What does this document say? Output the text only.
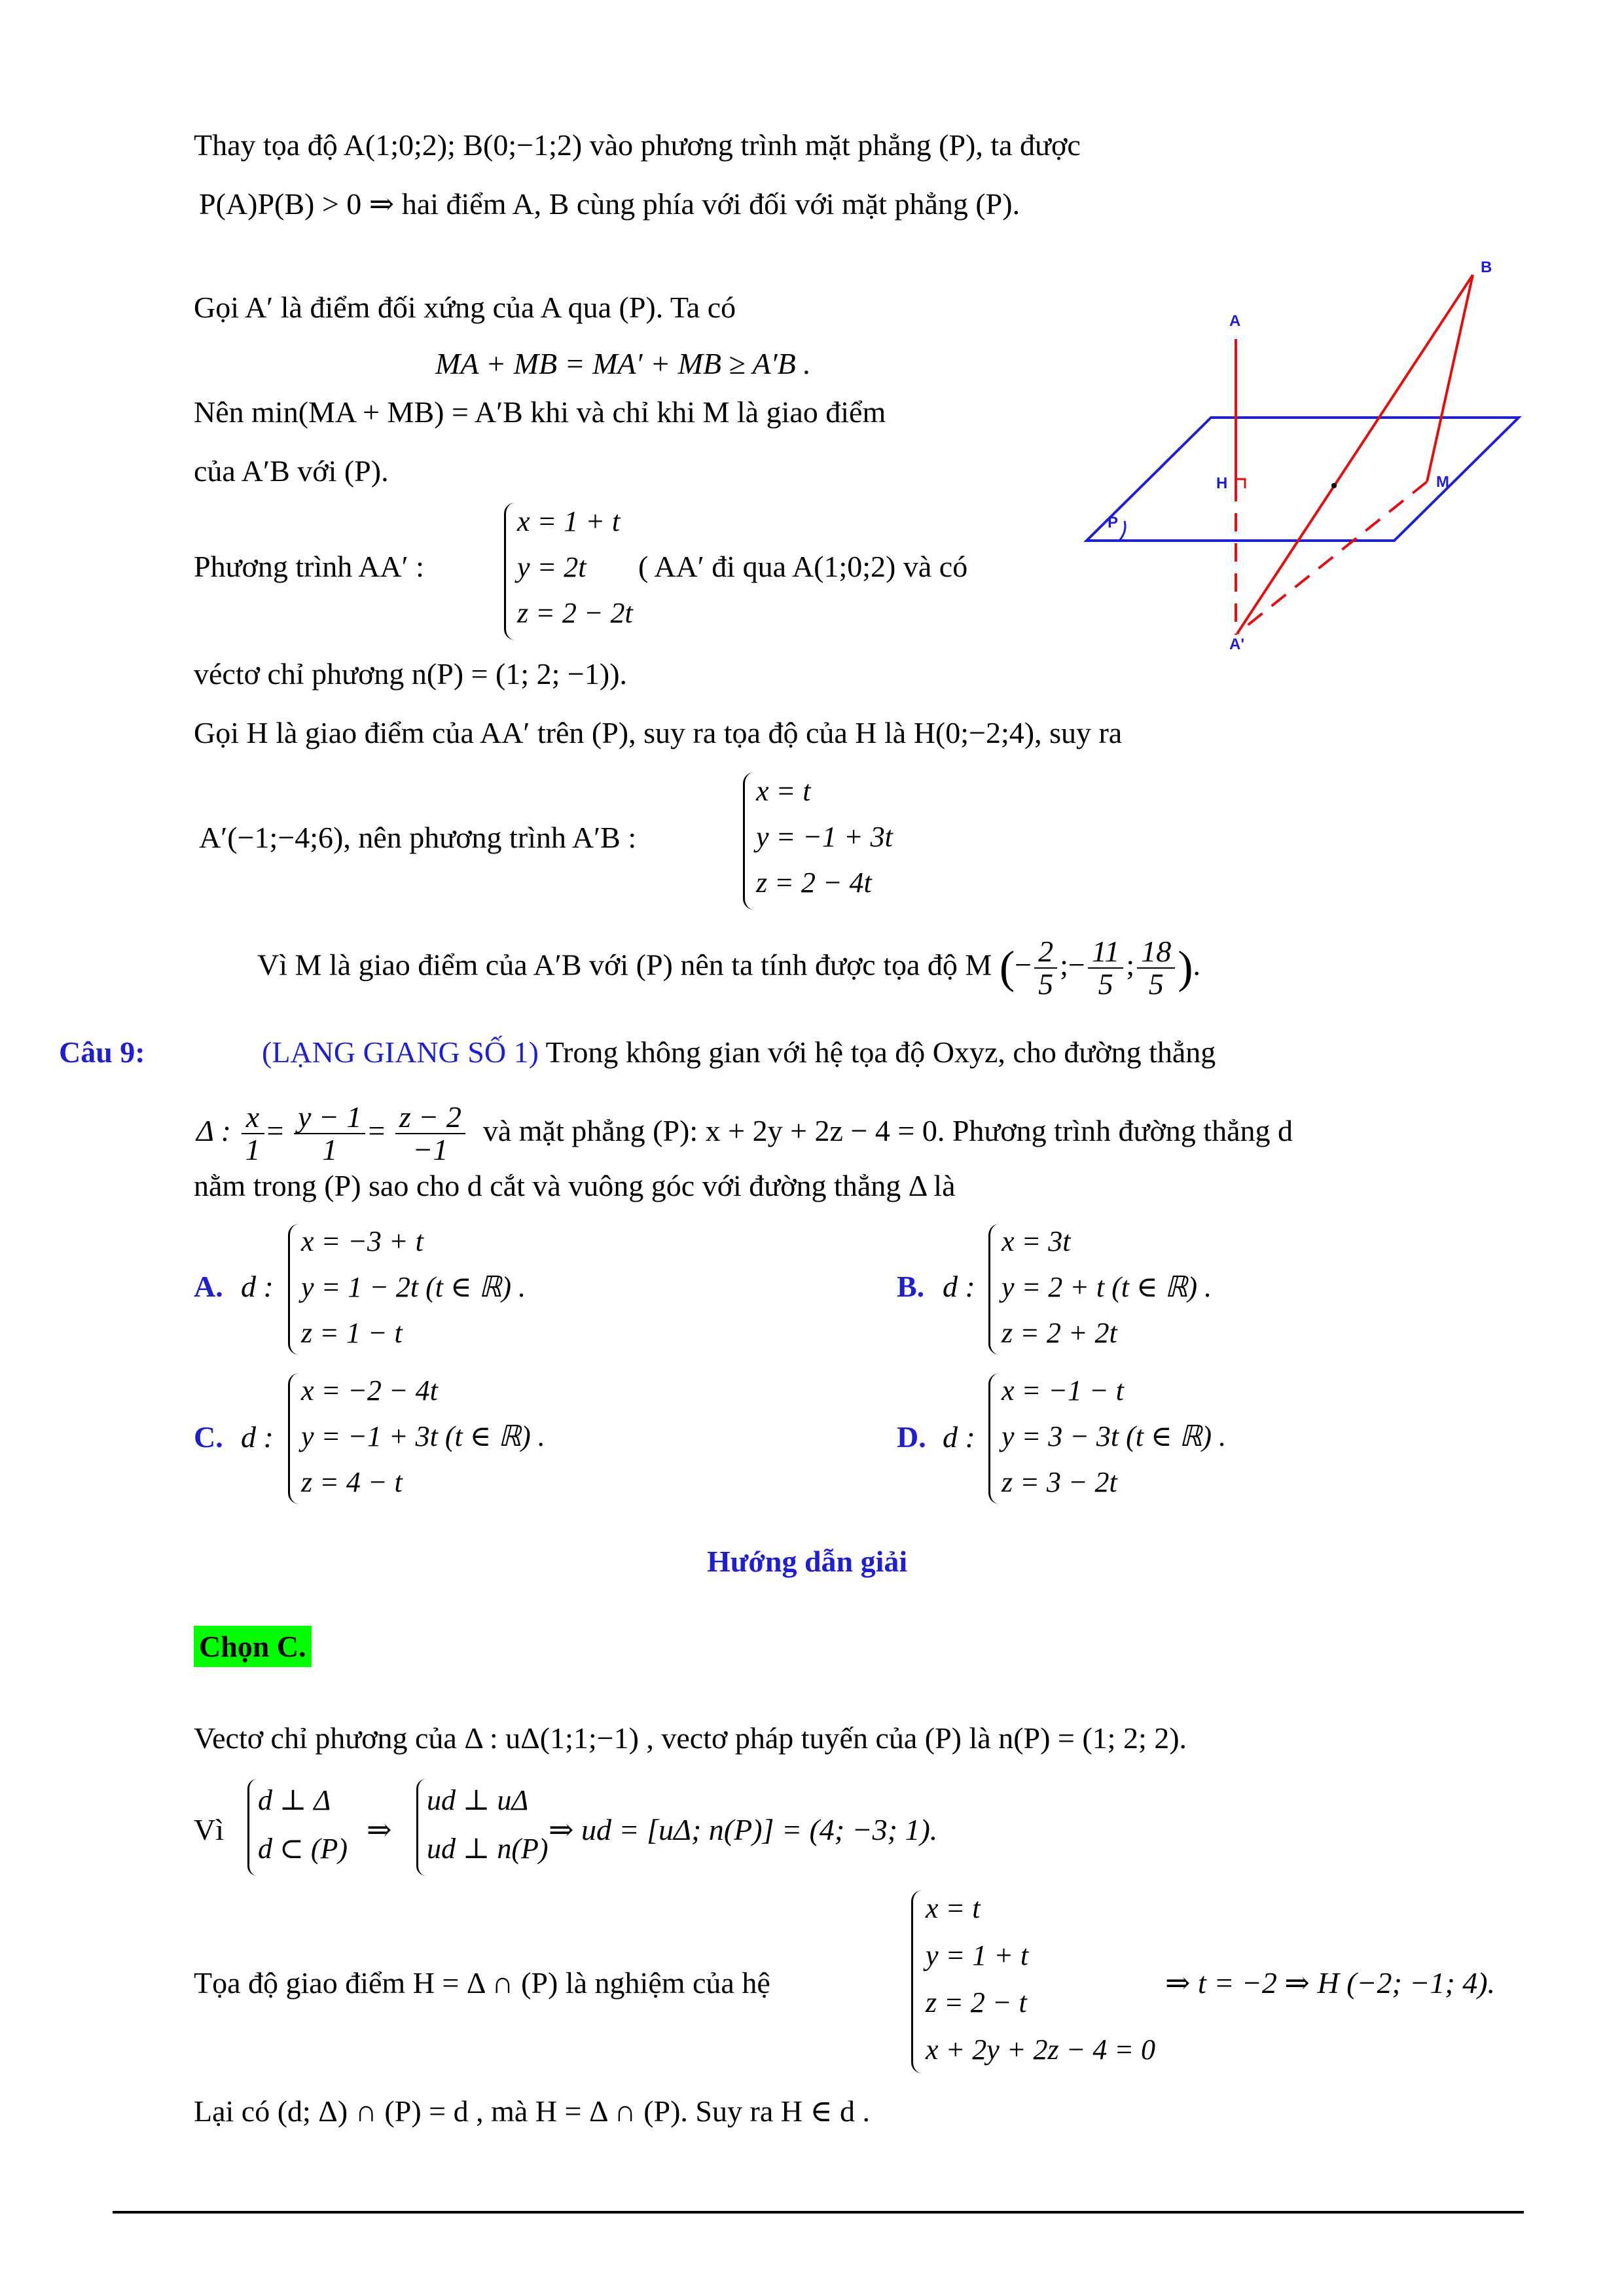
Thay tọa độ A(1;0;2); B(0;−1;2) vào phương trình mặt phẳng (P), ta được
P(A)P(B) > 0 ⇒ hai điểm A, B cùng phía với đối với mặt phẳng (P).
Gọi A′ là điểm đối xứng của A qua (P). Ta có
MA + MB = MA′ + MB ≥ A′B .
Nên min(MA + MB) = A′B khi và chỉ khi M là giao điểm
của A′B với (P).
Phương trình AA′ :
x = 1 + t
y = 2t
z = 2 − 2t
( AA′ đi qua A(1;0;2) và có
véctơ chỉ phương n(P) = (1; 2; −1)).
Gọi H là giao điểm của AA′ trên (P), suy ra tọa độ của H là H(0;−2;4), suy ra
A′(−1;−4;6), nên phương trình A′B :
x = t
y = −1 + 3t
z = 2 − 4t
Vì M là giao điểm của A′B với (P) nên ta tính được tọa độ M (− $\frac{2}{5}$ ;− $\frac{11}{5}$ ; $\frac{18}{5}$ ).
A
B
H	M
P
A'
Câu 9:	(LẠNG GIANG SỐ 1) Trong không gian với hệ tọa độ Oxyz, cho đường thẳng
Δ : $\frac{x}{1} = \frac{y - 1}{1} = \frac{z - 2}{-1}$ và mặt phẳng (P): x + 2y + 2z − 4 = 0. Phương trình đường thẳng d
nằm trong (P) sao cho d cắt và vuông góc với đường thẳng Δ là
A. d :
x = −3 + t
y = 1 − 2t (t ∈ ℝ) .
z = 1 − t
B. d :
x = 3t
y = 2 + t (t ∈ ℝ) .
z = 2 + 2t
C. d :
x = −2 − 4t
y = −1 + 3t (t ∈ ℝ) .
z = 4 − t
D. d :
x = −1 − t
y = 3 − 3t (t ∈ ℝ) .
z = 3 − 2t
Hướng dẫn giải
Chọn C.
Vectơ chỉ phương của Δ : uΔ(1;1;−1) , vectơ pháp tuyến của (P) là n(P) = (1; 2; 2).
Vì
d ⊥ Δ
d ⊂ (P)
⇒
ud ⊥ uΔ
ud ⊥ n(P)
⇒ ud = [uΔ; n(P)] = (4; −3; 1).
Tọa độ giao điểm H = Δ ∩ (P) là nghiệm của hệ
x = t
y = 1 + t
z = 2 − t
x + 2y + 2z − 4 = 0
⇒ t = −2 ⇒ H (−2; −1; 4).
Lại có (d; Δ) ∩ (P) = d , mà H = Δ ∩ (P). Suy ra H ∈ d .
